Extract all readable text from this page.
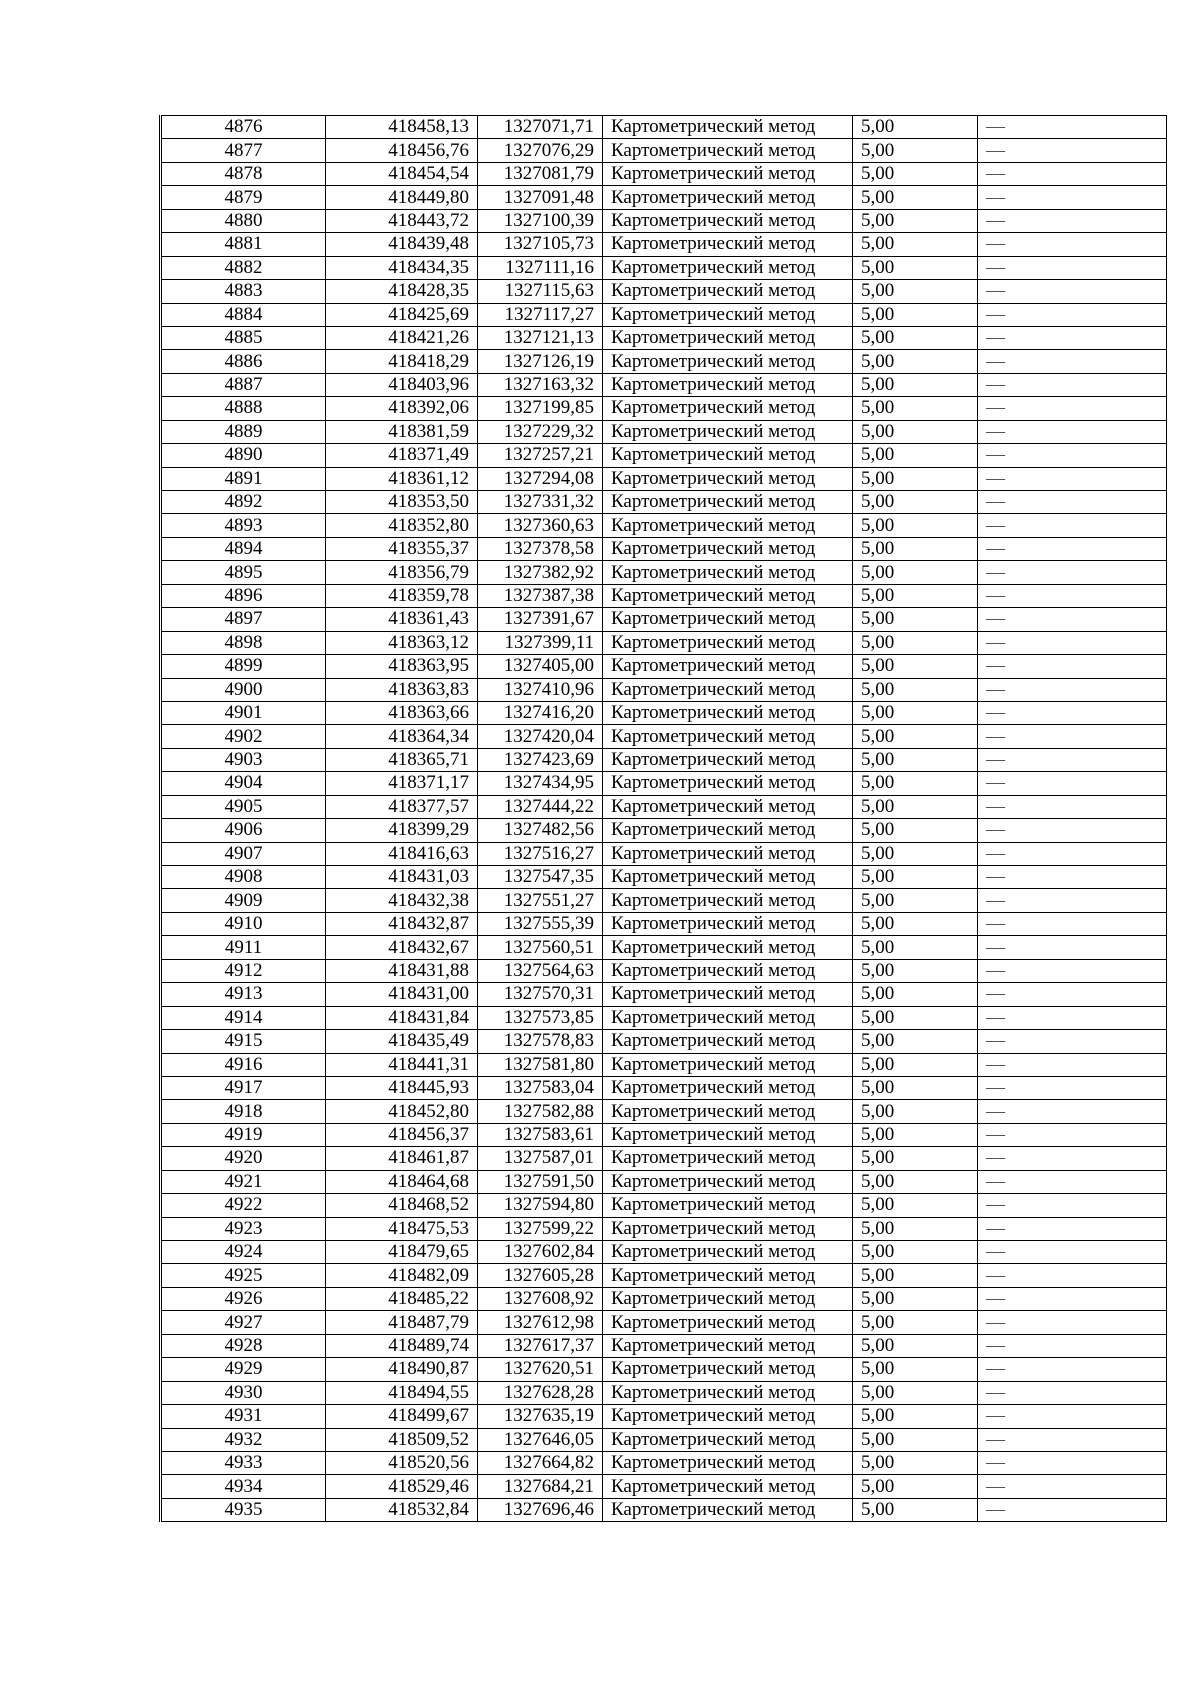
4876	418458,13	1327071,71	Картометрический метод	5,00	—
4877	418456,76	1327076,29	Картометрический метод	5,00	—
4878	418454,54	1327081,79	Картометрический метод	5,00	—
4879	418449,80	1327091,48	Картометрический метод	5,00	—
4880	418443,72	1327100,39	Картометрический метод	5,00	—
4881	418439,48	1327105,73	Картометрический метод	5,00	—
4882	418434,35	1327111,16	Картометрический метод	5,00	—
4883	418428,35	1327115,63	Картометрический метод	5,00	—
4884	418425,69	1327117,27	Картометрический метод	5,00	—
4885	418421,26	1327121,13	Картометрический метод	5,00	—
4886	418418,29	1327126,19	Картометрический метод	5,00	—
4887	418403,96	1327163,32	Картометрический метод	5,00	—
4888	418392,06	1327199,85	Картометрический метод	5,00	—
4889	418381,59	1327229,32	Картометрический метод	5,00	—
4890	418371,49	1327257,21	Картометрический метод	5,00	—
4891	418361,12	1327294,08	Картометрический метод	5,00	—
4892	418353,50	1327331,32	Картометрический метод	5,00	—
4893	418352,80	1327360,63	Картометрический метод	5,00	—
4894	418355,37	1327378,58	Картометрический метод	5,00	—
4895	418356,79	1327382,92	Картометрический метод	5,00	—
4896	418359,78	1327387,38	Картометрический метод	5,00	—
4897	418361,43	1327391,67	Картометрический метод	5,00	—
4898	418363,12	1327399,11	Картометрический метод	5,00	—
4899	418363,95	1327405,00	Картометрический метод	5,00	—
4900	418363,83	1327410,96	Картометрический метод	5,00	—
4901	418363,66	1327416,20	Картометрический метод	5,00	—
4902	418364,34	1327420,04	Картометрический метод	5,00	—
4903	418365,71	1327423,69	Картометрический метод	5,00	—
4904	418371,17	1327434,95	Картометрический метод	5,00	—
4905	418377,57	1327444,22	Картометрический метод	5,00	—
4906	418399,29	1327482,56	Картометрический метод	5,00	—
4907	418416,63	1327516,27	Картометрический метод	5,00	—
4908	418431,03	1327547,35	Картометрический метод	5,00	—
4909	418432,38	1327551,27	Картометрический метод	5,00	—
4910	418432,87	1327555,39	Картометрический метод	5,00	—
4911	418432,67	1327560,51	Картометрический метод	5,00	—
4912	418431,88	1327564,63	Картометрический метод	5,00	—
4913	418431,00	1327570,31	Картометрический метод	5,00	—
4914	418431,84	1327573,85	Картометрический метод	5,00	—
4915	418435,49	1327578,83	Картометрический метод	5,00	—
4916	418441,31	1327581,80	Картометрический метод	5,00	—
4917	418445,93	1327583,04	Картометрический метод	5,00	—
4918	418452,80	1327582,88	Картометрический метод	5,00	—
4919	418456,37	1327583,61	Картометрический метод	5,00	—
4920	418461,87	1327587,01	Картометрический метод	5,00	—
4921	418464,68	1327591,50	Картометрический метод	5,00	—
4922	418468,52	1327594,80	Картометрический метод	5,00	—
4923	418475,53	1327599,22	Картометрический метод	5,00	—
4924	418479,65	1327602,84	Картометрический метод	5,00	—
4925	418482,09	1327605,28	Картометрический метод	5,00	—
4926	418485,22	1327608,92	Картометрический метод	5,00	—
4927	418487,79	1327612,98	Картометрический метод	5,00	—
4928	418489,74	1327617,37	Картометрический метод	5,00	—
4929	418490,87	1327620,51	Картометрический метод	5,00	—
4930	418494,55	1327628,28	Картометрический метод	5,00	—
4931	418499,67	1327635,19	Картометрический метод	5,00	—
4932	418509,52	1327646,05	Картометрический метод	5,00	—
4933	418520,56	1327664,82	Картометрический метод	5,00	—
4934	418529,46	1327684,21	Картометрический метод	5,00	—
4935	418532,84	1327696,46	Картометрический метод	5,00	—
